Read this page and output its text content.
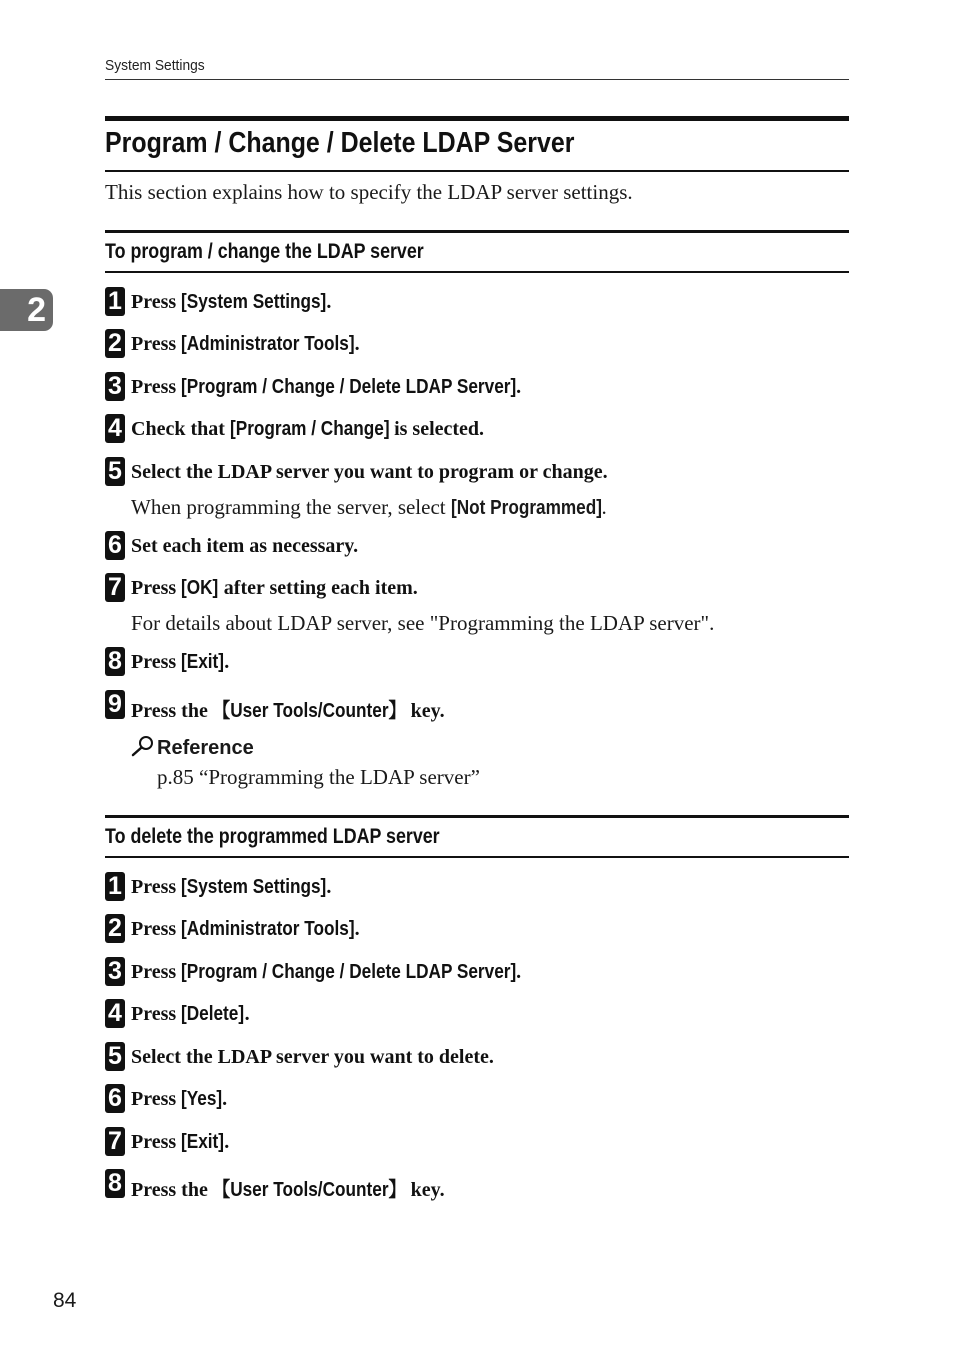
System Settings
2
Program / Change / Delete LDAP Server
This section explains how to specify the LDAP server settings.
To program / change the LDAP server
1 Press [System Settings].
2 Press [Administrator Tools].
3 Press [Program / Change / Delete LDAP Server].
4 Check that [Program / Change] is selected.
5 Select the LDAP server you want to program or change.
6 Set each item as necessary.
7 Press [OK] after setting each item.
8 Press [Exit].
9 Press the 【User Tools/Counter】 key.
When programming the server, select [Not Programmed].
For details about LDAP server, see "Programming the LDAP server".
Reference
p.85 “Programming the LDAP server”
To delete the programmed LDAP server
1 Press [System Settings].
2 Press [Administrator Tools].
3 Press [Program / Change / Delete LDAP Server].
4 Press [Delete].
5 Select the LDAP server you want to delete.
6 Press [Yes].
7 Press [Exit].
8 Press the 【User Tools/Counter】 key.
84
